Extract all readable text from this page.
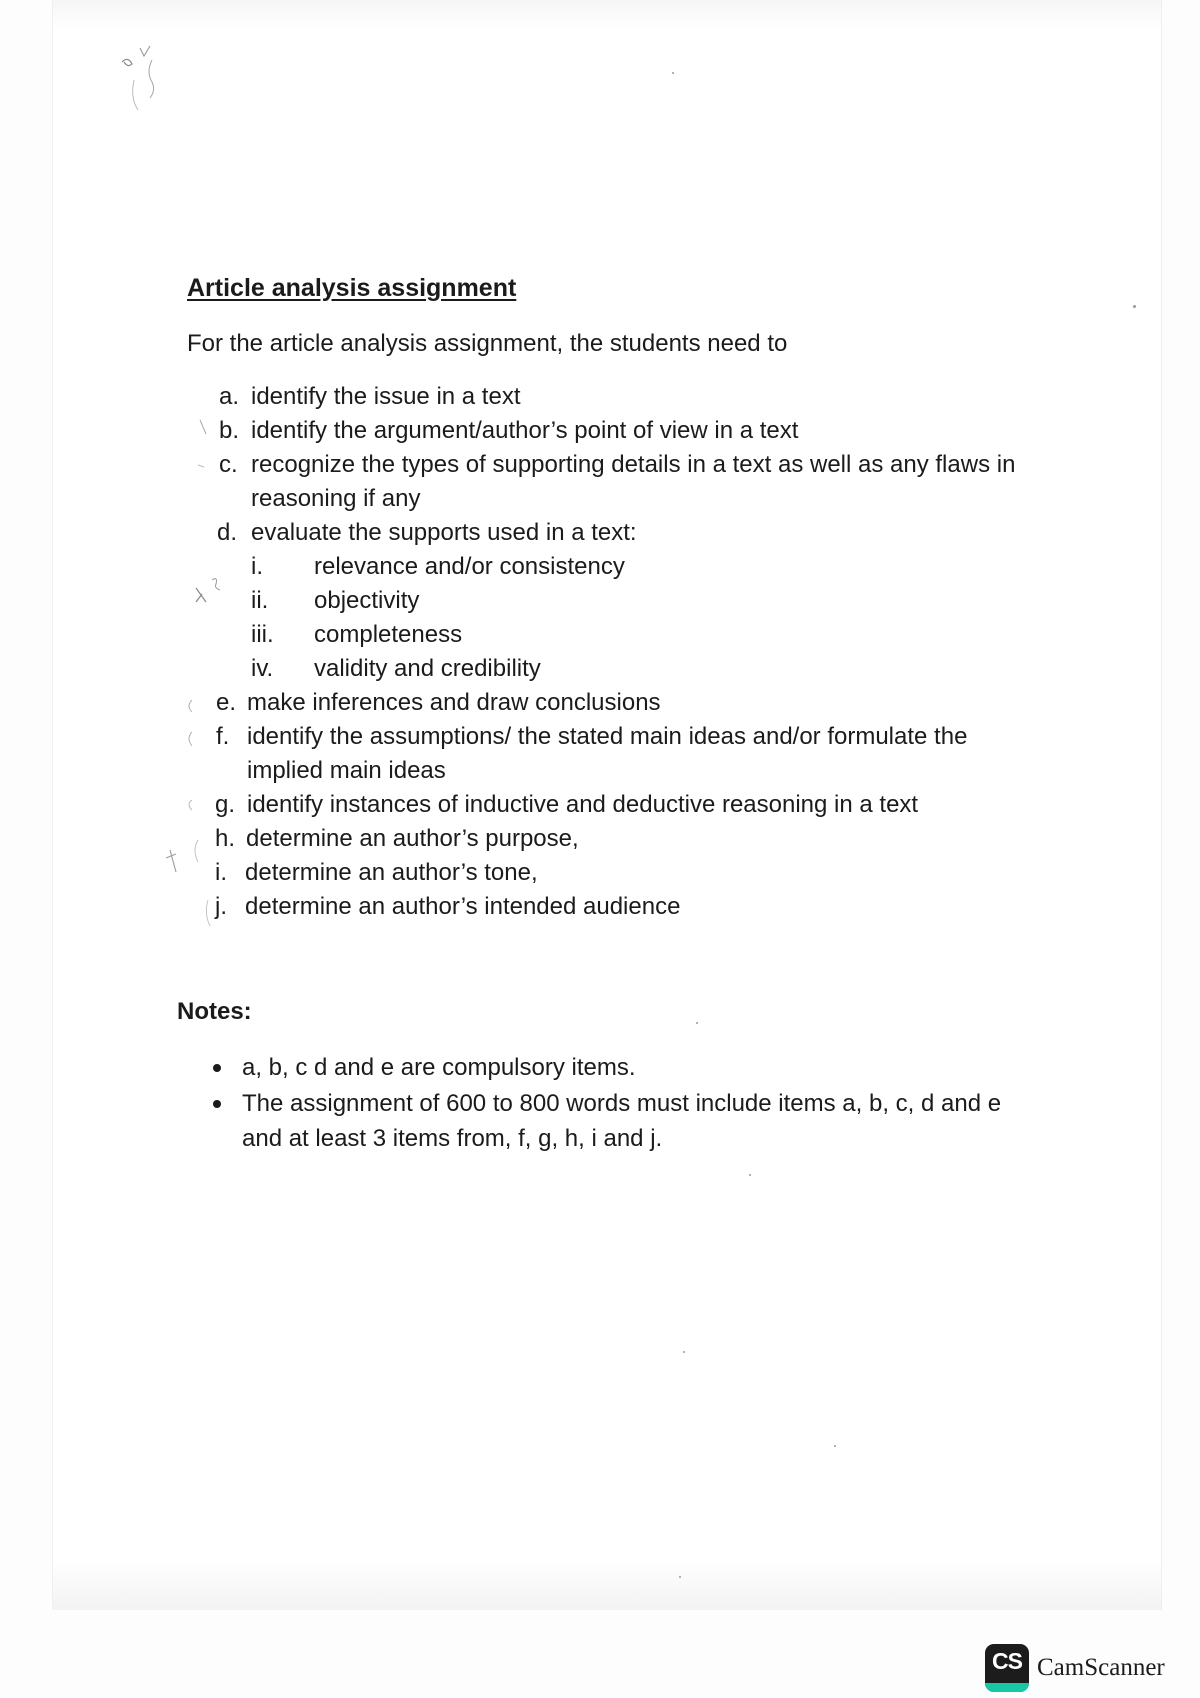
Article analysis assignment
For the article analysis assignment, the students need to
a. identify the issue in a text
b. identify the argument/author’s point of view in a text
c. recognize the types of supporting details in a text as well as any flaws in reasoning if any
d. evaluate the supports used in a text:
i. relevance and/or consistency
ii. objectivity
iii. completeness
iv. validity and credibility
e. make inferences and draw conclusions
f. identify the assumptions/ the stated main ideas and/or formulate the implied main ideas
g. identify instances of inductive and deductive reasoning in a text
h. determine an author’s purpose,
i. determine an author’s tone,
j. determine an author’s intended audience
Notes:
a, b, c d and e are compulsory items.
The assignment of 600 to 800 words must include items a, b, c, d and e and at least 3 items from, f, g, h, i and j.
CS CamScanner
